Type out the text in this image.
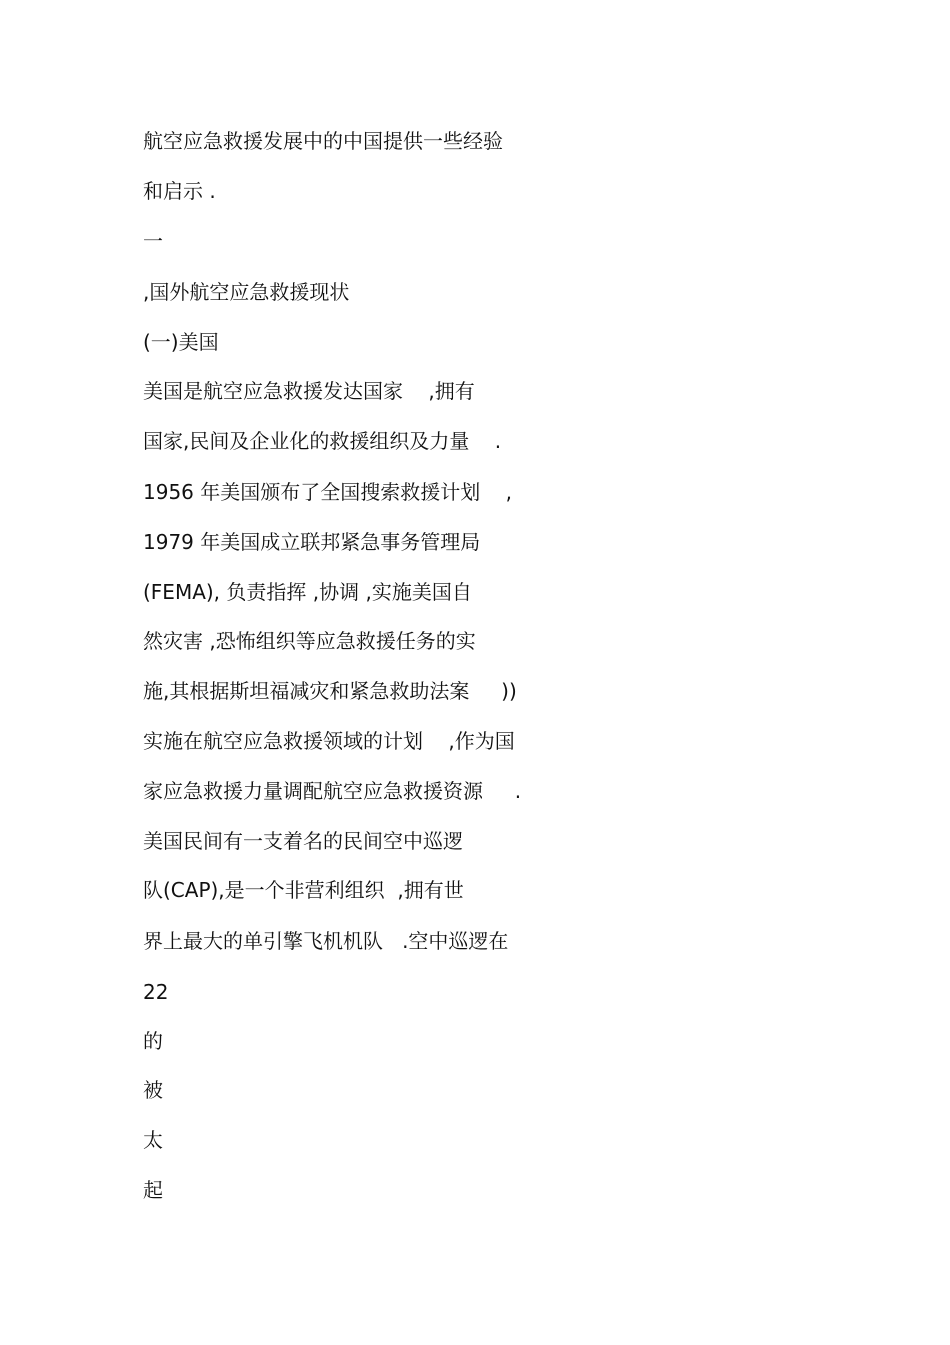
航空应急救援发展中的中国提供一些经验
和启示 .
一
,国外航空应急救援现状
(一)美国
美国是航空应急救援发达国家    ,拥有
国家,民间及企业化的救援组织及力量    .
1956 年美国颁布了全国搜索救援计划    ,
1979 年美国成立联邦紧急事务管理局
(FEMA), 负责指挥 ,协调 ,实施美国自
然灾害 ,恐怖组织等应急救援任务的实
施,其根据斯坦福减灾和紧急救助法案     ))
实施在航空应急救援领域的计划    ,作为国
家应急救援力量调配航空应急救援资源     .
美国民间有一支着名的民间空中巡逻
队(CAP),是一个非营利组织  ,拥有世
界上最大的单引擎飞机机队   .空中巡逻在
22
的
被
太
起
